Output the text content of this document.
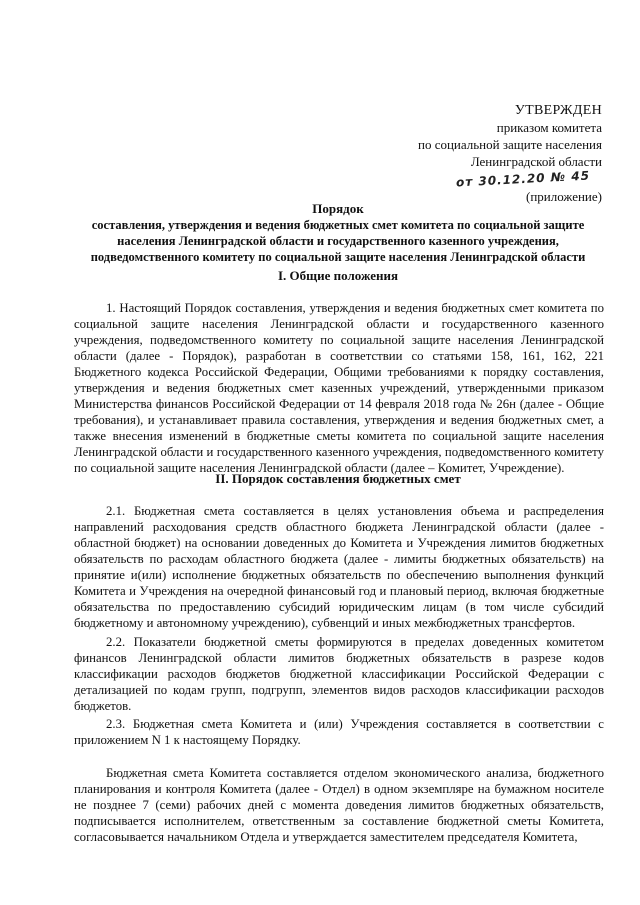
УТВЕРЖДЕН
приказом комитета
по социальной защите населения
Ленинградской области
от 30.12.20 № 45
(приложение)
Порядок
составления, утверждения и ведения бюджетных смет комитета по социальной защите
населения Ленинградской области и государственного казенного учреждения,
подведомственного комитету по социальной защите населения Ленинградской области
I. Общие положения

1. Настоящий Порядок составления, утверждения и ведения бюджетных смет комитета по социальной защите населения Ленинградской области и государственного казенного учреждения, подведомственного комитету по социальной защите населения Ленинградской области (далее - Порядок), разработан в соответствии со статьями 158, 161, 162, 221 Бюджетного кодекса Российской Федерации, Общими требованиями к порядку составления, утверждения и ведения бюджетных смет казенных учреждений, утвержденными приказом Министерства финансов Российской Федерации от 14 февраля 2018 года № 26н (далее - Общие требования), и устанавливает правила составления, утверждения и ведения бюджетных смет, а также внесения изменений в бюджетные сметы комитета по социальной защите населения Ленинградской области и государственного казенного учреждения, подведомственного комитету по социальной защите населения Ленинградской области (далее – Комитет, Учреждение).

II. Порядок составления бюджетных смет

2.1. Бюджетная смета составляется в целях установления объема и распределения направлений расходования средств областного бюджета Ленинградской области (далее - областной бюджет) на основании доведенных до Комитета и Учреждения лимитов бюджетных обязательств по расходам областного бюджета (далее - лимиты бюджетных обязательств) на принятие и(или) исполнение бюджетных обязательств по обеспечению выполнения функций Комитета и Учреждения на очередной финансовый год и плановый период, включая бюджетные обязательства по предоставлению субсидий юридическим лицам (в том числе субсидий бюджетному и автономному учреждению), субвенций и иных межбюджетных трансфертов.

2.2. Показатели бюджетной сметы формируются в пределах доведенных комитетом финансов Ленинградской области лимитов бюджетных обязательств в разрезе кодов классификации расходов бюджетов бюджетной классификации Российской Федерации с детализацией по кодам групп, подгрупп, элементов видов расходов классификации расходов бюджетов.

2.3. Бюджетная смета Комитета и (или) Учреждения составляется в соответствии с приложением N 1 к настоящему Порядку.

Бюджетная смета Комитета составляется отделом экономического анализа, бюджетного планирования и контроля Комитета (далее - Отдел) в одном экземпляре на бумажном носителе не позднее 7 (семи) рабочих дней с момента доведения лимитов бюджетных обязательств, подписывается исполнителем, ответственным за составление бюджетной сметы Комитета, согласовывается начальником Отдела и утверждается заместителем председателя Комитета,
